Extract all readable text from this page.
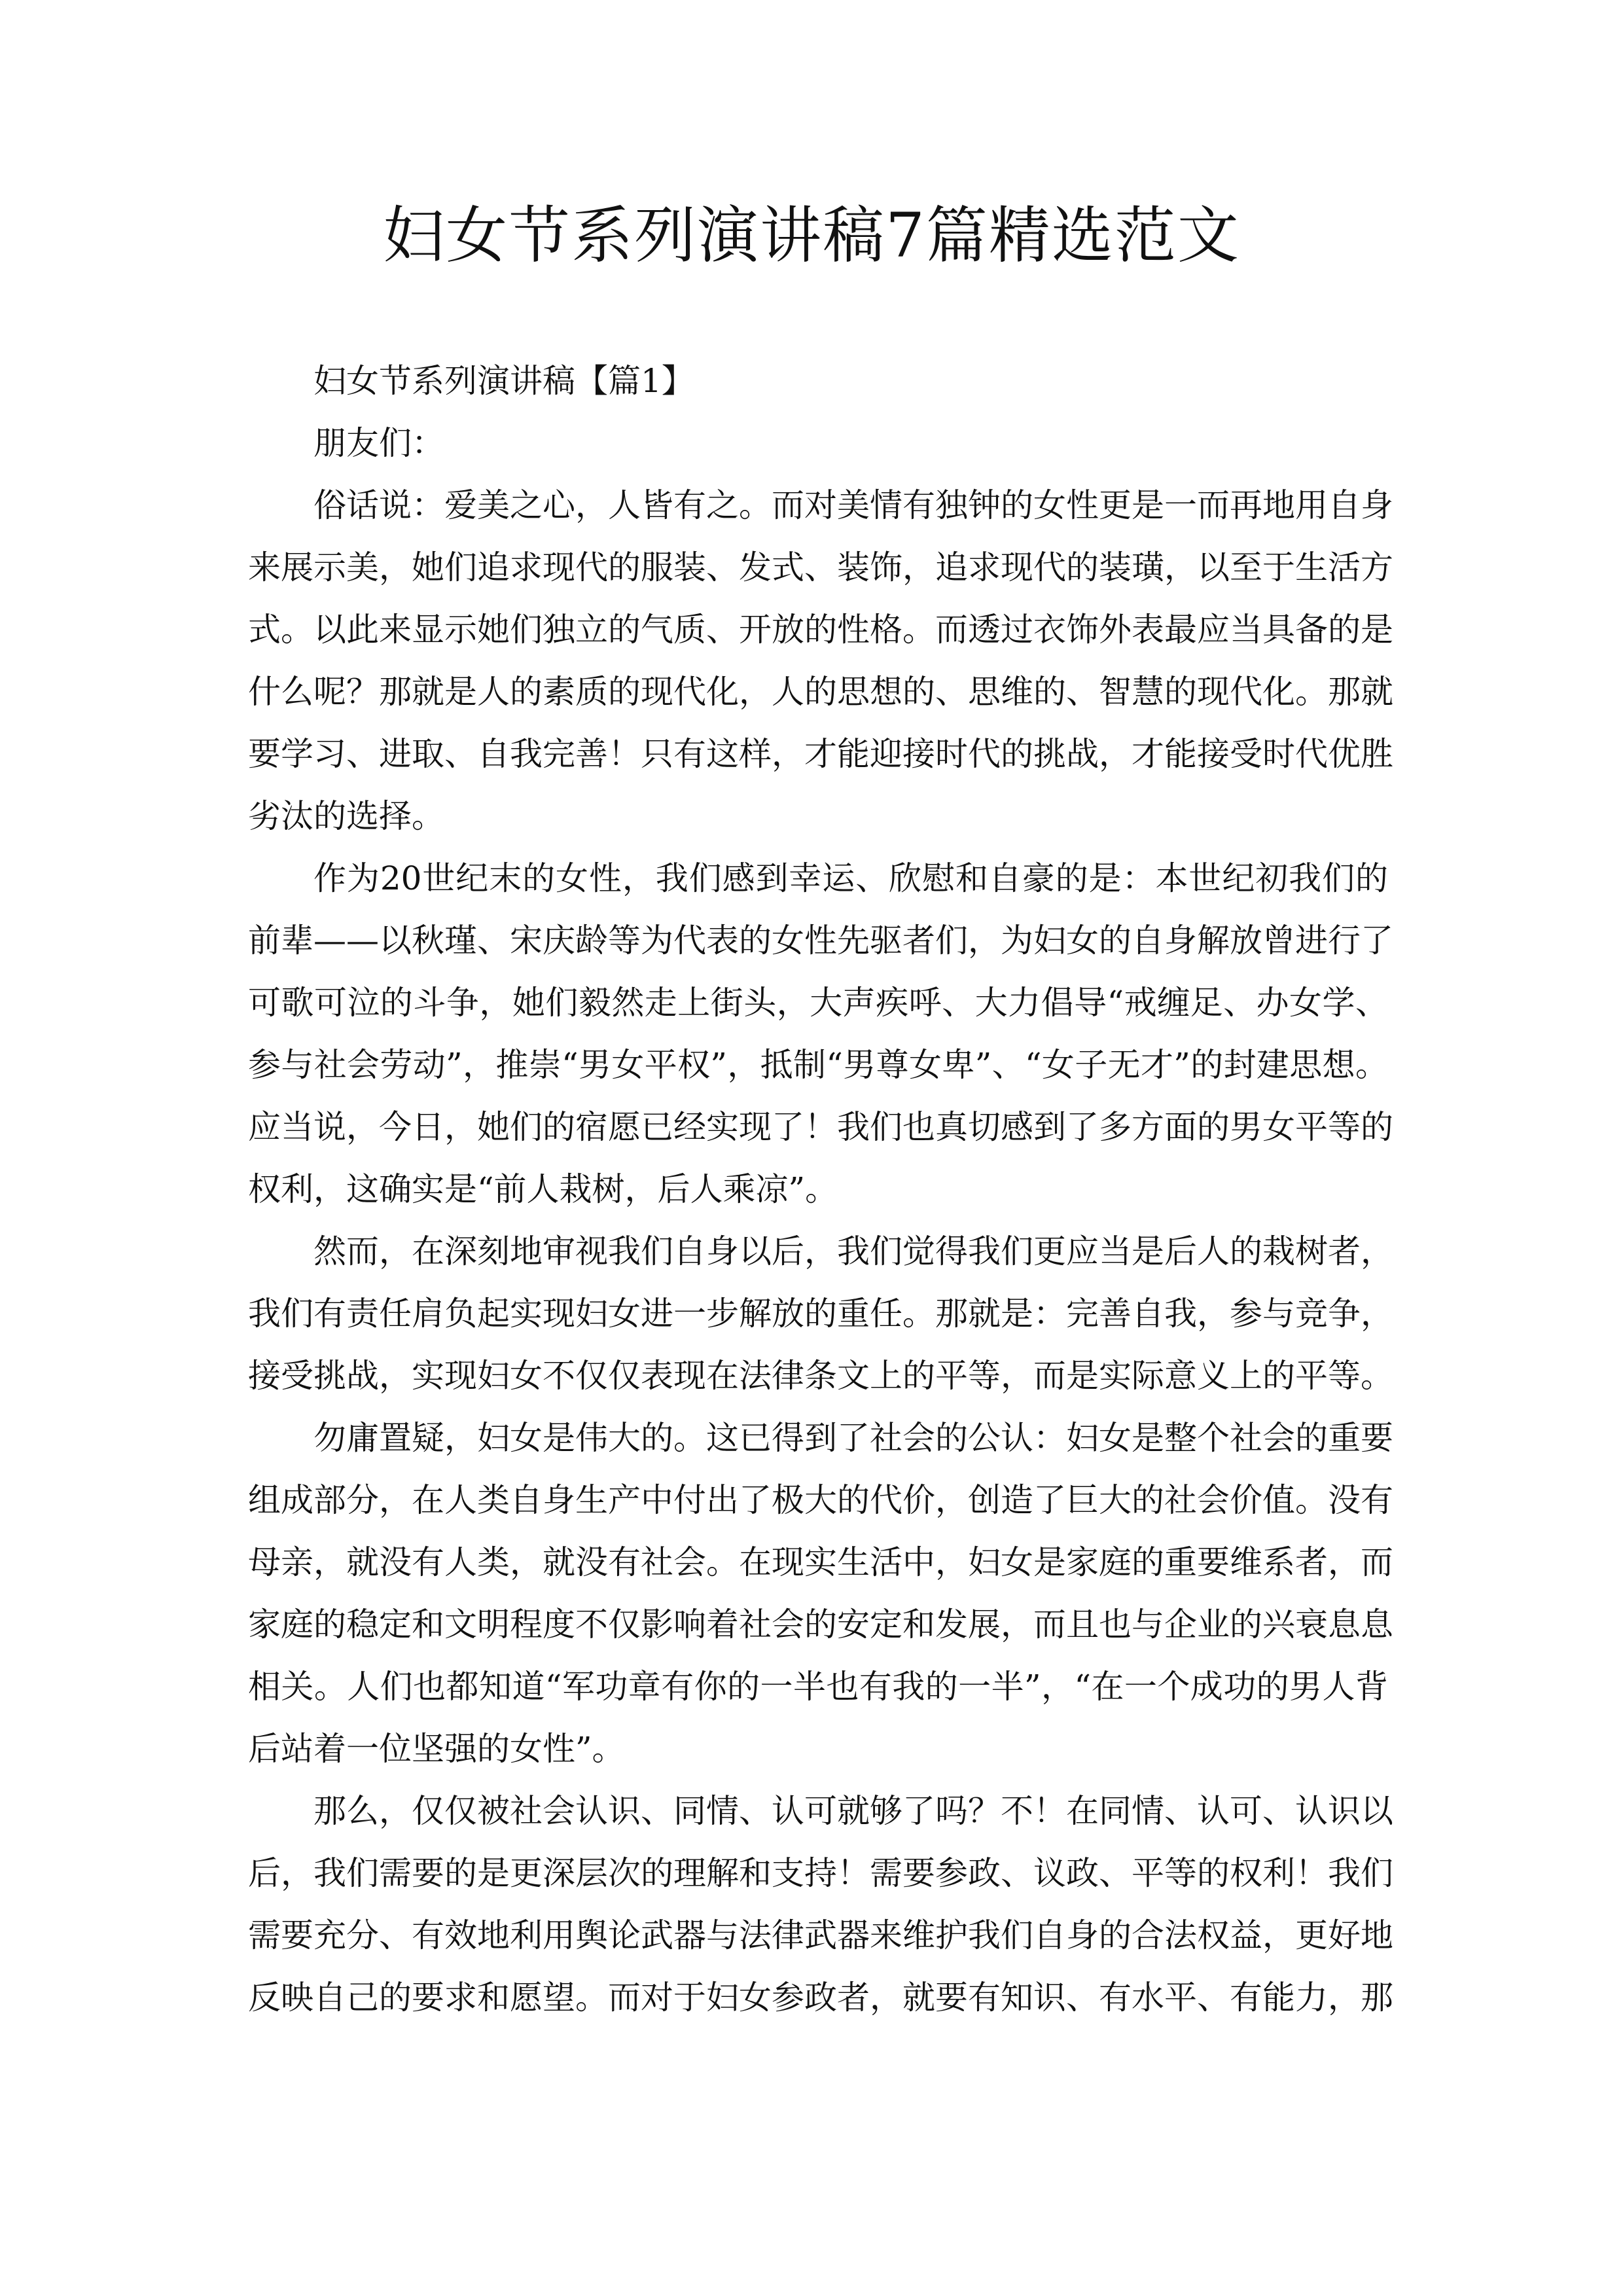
妇女节系列演讲稿7篇精选范文
妇女节系列演讲稿【篇1】
朋友们：
俗话说：爱美之心，人皆有之。而对美情有独钟的女性更是一而再地用自身
来展示美，她们追求现代的服装、发式、装饰，追求现代的装璜，以至于生活方
式。以此来显示她们独立的气质、开放的性格。而透过衣饰外表最应当具备的是
什么呢？那就是人的素质的现代化，人的思想的、思维的、智慧的现代化。那就
要学习、进取、自我完善！只有这样，才能迎接时代的挑战，才能接受时代优胜
劣汰的选择。
作为20世纪末的女性，我们感到幸运、欣慰和自豪的是：本世纪初我们的
前辈——以秋瑾、宋庆龄等为代表的女性先驱者们，为妇女的自身解放曾进行了
可歌可泣的斗争，她们毅然走上街头，大声疾呼、大力倡导“戒缠足、办女学、
参与社会劳动”，推崇“男女平权”，抵制“男尊女卑”、“女子无才”的封建思想。
应当说，今日，她们的宿愿已经实现了！我们也真切感到了多方面的男女平等的
权利，这确实是“前人栽树，后人乘凉”。
然而，在深刻地审视我们自身以后，我们觉得我们更应当是后人的栽树者，
我们有责任肩负起实现妇女进一步解放的重任。那就是：完善自我，参与竞争，
接受挑战，实现妇女不仅仅表现在法律条文上的平等，而是实际意义上的平等。
勿庸置疑，妇女是伟大的。这已得到了社会的公认：妇女是整个社会的重要
组成部分，在人类自身生产中付出了极大的代价，创造了巨大的社会价值。没有
母亲，就没有人类，就没有社会。在现实生活中，妇女是家庭的重要维系者，而
家庭的稳定和文明程度不仅影响着社会的安定和发展，而且也与企业的兴衰息息
相关。人们也都知道“军功章有你的一半也有我的一半”，“在一个成功的男人背
后站着一位坚强的女性”。
那么，仅仅被社会认识、同情、认可就够了吗？不！在同情、认可、认识以
后，我们需要的是更深层次的理解和支持！需要参政、议政、平等的权利！我们
需要充分、有效地利用舆论武器与法律武器来维护我们自身的合法权益，更好地
反映自己的要求和愿望。而对于妇女参政者，就要有知识、有水平、有能力，那
